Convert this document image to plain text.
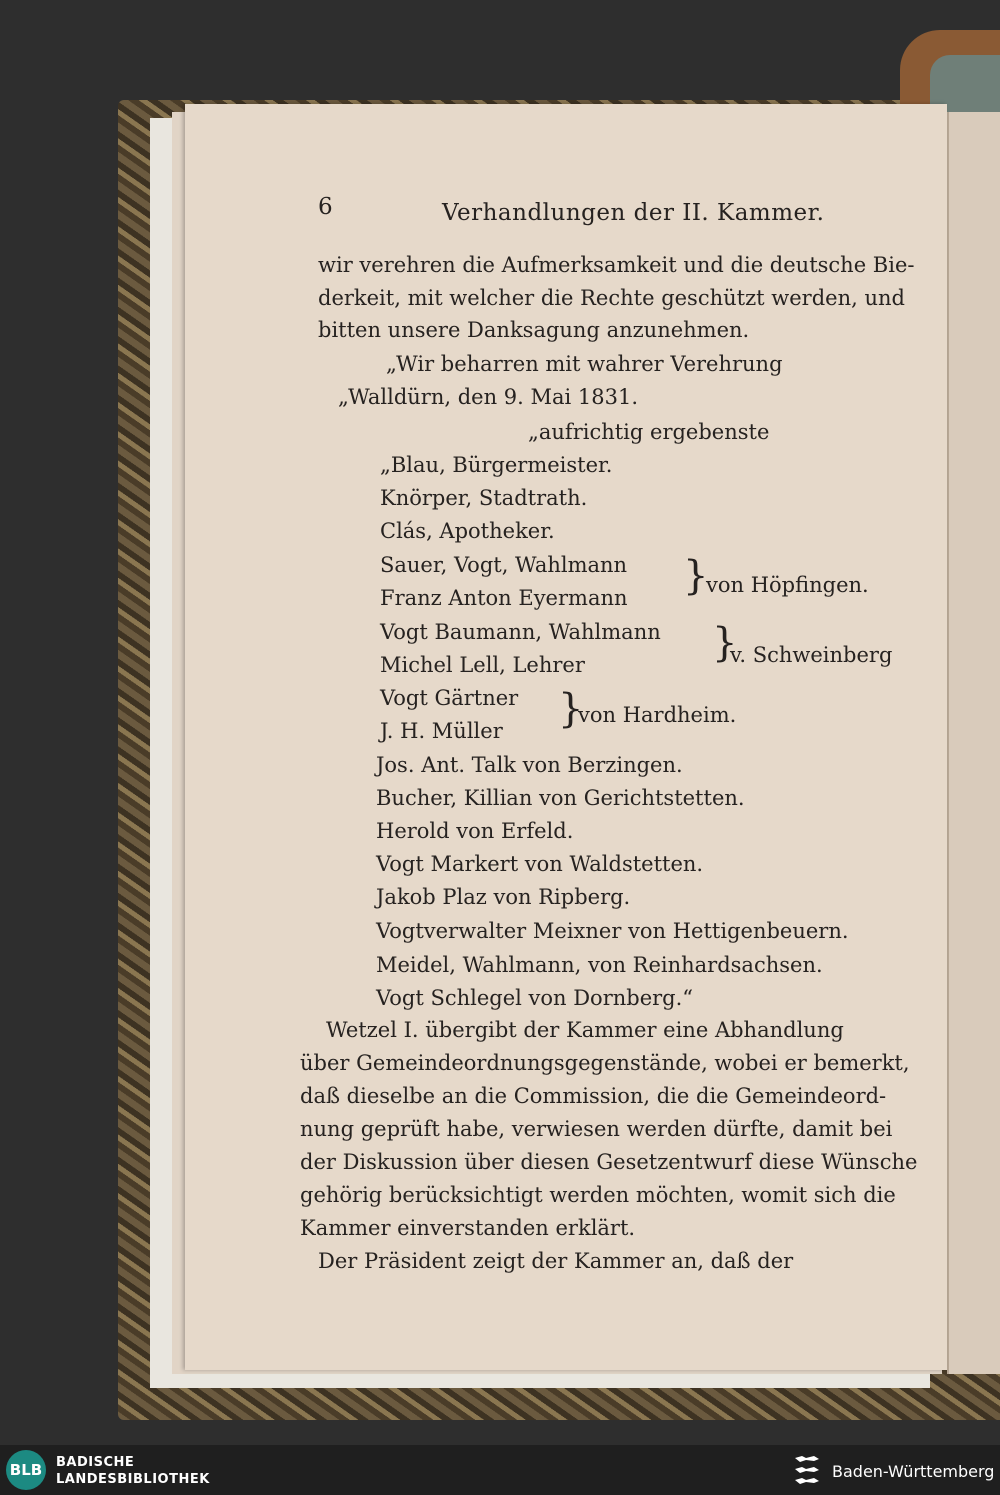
6	Verhandlungen der II. Kammer.
wir verehren die Aufmerksamkeit und die deutsche Bie-
derkeit, mit welcher die Rechte geschützt werden, und
bitten unsere Danksagung anzunehmen.
„Wir beharren mit wahrer Verehrung
„Walldürn, den 9. Mai 1831.
„aufrichtig ergebenste
„Blau, Bürgermeister.
Knörper, Stadtrath.
Clás, Apotheker.
Sauer, Vogt, Wahlmann
Franz Anton Eyermann }
von Höpfingen.
Vogt Baumann, Wahlmann
Michel Lell, Lehrer	}
v. Schweinberg
Vogt Gärtner
J. H. Müller }
von Hardheim.
Jos. Ant. Talk von Berzingen.
Bucher, Killian von Gerichtstetten.
Herold von Erfeld.
Vogt Markert von Waldstetten.
Jakob Plaz von Ripberg.
Vogtverwalter Meixner von Hettigenbeuern.
Meidel, Wahlmann, von Reinhardsachsen.
Vogt Schlegel von Dornberg.“
Wetzel I. übergibt der Kammer eine Abhandlung
über Gemeindeordnungsgegenstände, wobei er bemerkt,
daß dieselbe an die Commission, die die Gemeindeord-
nung geprüft habe, verwiesen werden dürfte, damit bei
der Diskussion über diesen Gesetzentwurf diese Wünsche
gehörig berücksichtigt werden möchten, womit sich die
Kammer einverstanden erklärt.
Der Präsident zeigt der Kammer an, daß der
BLB BADISCHE
LANDESBIBLIOTHEK	Baden-Württemberg
